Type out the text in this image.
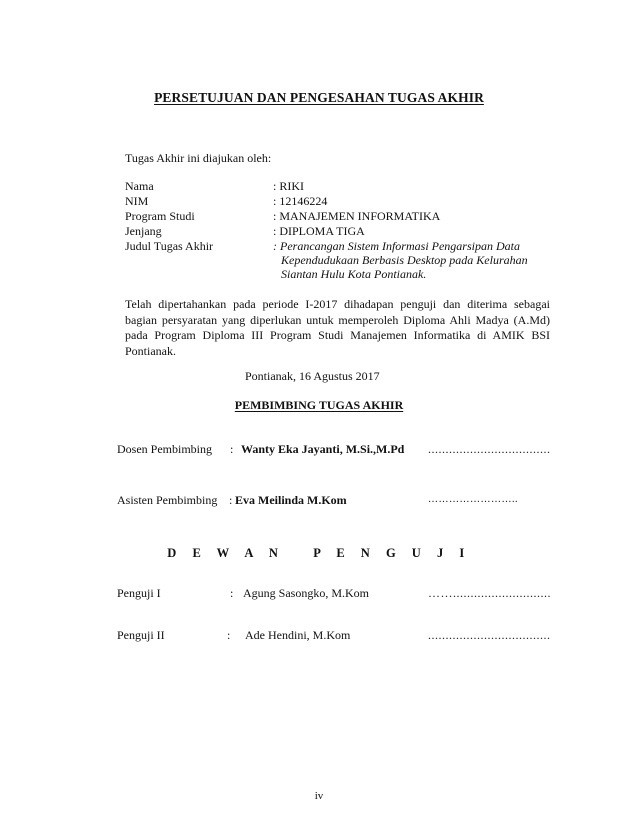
PERSETUJUAN DAN PENGESAHAN TUGAS AKHIR
Tugas Akhir ini diajukan oleh:
Nama	: RIKI
NIM	: 12146224
Program Studi	: MANAJEMEN INFORMATIKA
Jenjang	: DIPLOMA TIGA
Judul Tugas Akhir	: Perancangan Sistem Informasi Pengarsipan Data
Kependudukaan Berbasis Desktop pada Kelurahan
Siantan Hulu Kota Pontianak.

Telah dipertahankan pada periode I-2017 dihadapan penguji dan diterima sebagai bagian persyaratan yang diperlukan untuk memperoleh Diploma Ahli Madya (A.Md) pada Program Diploma III Program Studi Manajemen Informatika di AMIK BSI Pontianak.

Pontianak, 16 Agustus 2017
PEMBIMBING TUGAS AKHIR
Dosen Pembimbing : Wanty Eka Jayanti, M.Si.,M.Pd ...................................
Asisten Pembimbing : Eva Meilinda M.Kom	……………………..
D E W A N   P E N G U J I
Penguji I	: Agung Sasongko, M.Kom	……............................
Penguji II	: Ade Hendini, M.Kom	...................................
iv
